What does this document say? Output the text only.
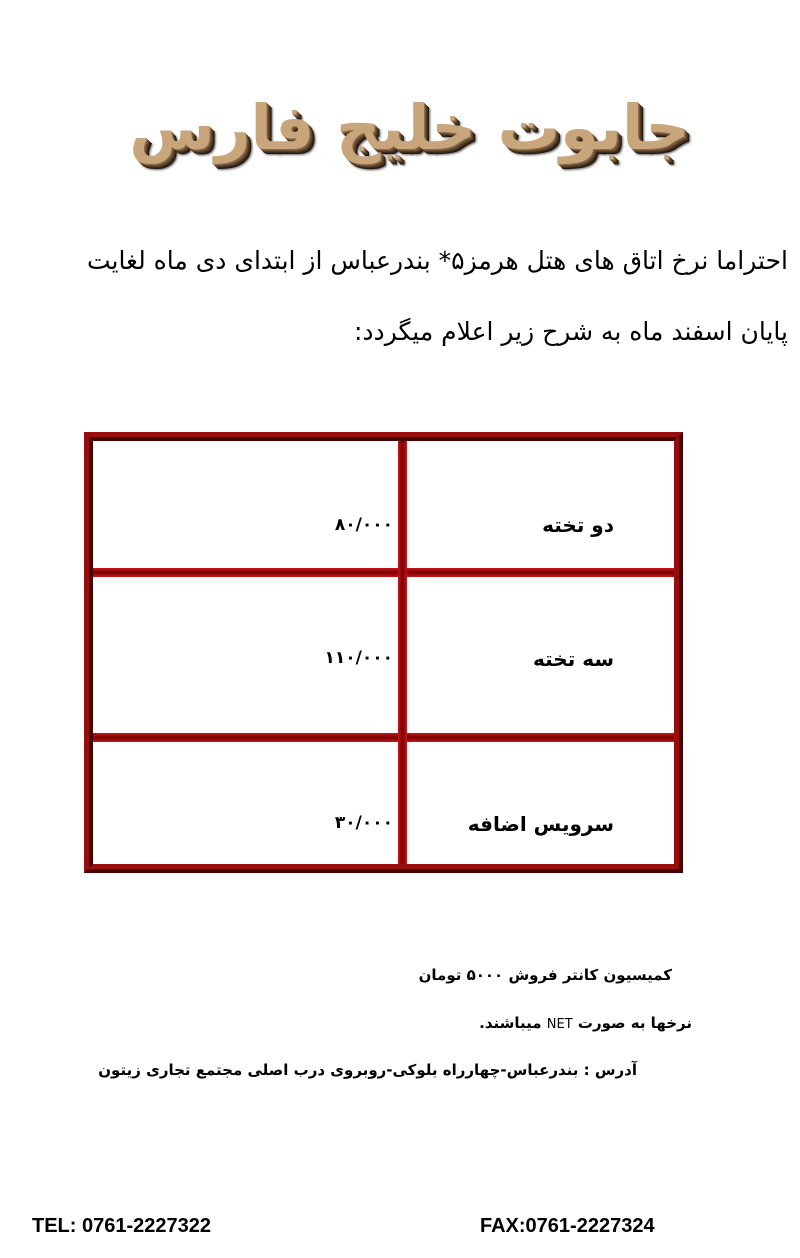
جابوت خلیج فارس
احتراما نرخ اتاق های هتل هرمز۵* بندرعباس از ابتدای دی ماه لغایت
پایان اسفند ماه به شرح زیر اعلام میگردد:
دو تخته
۸۰/۰۰۰
سه تخته
۱۱۰/۰۰۰
سرویس اضافه
۳۰/۰۰۰
کمیسیون کانتر فروش ۵۰۰۰ تومان
نرخها به صورت NET میباشند.
آدرس : بندرعباس-چهارراه بلوکی-روبروی درب اصلی مجتمع تجاری زیتون
TEL: 0761-2227322	FAX:0761-2227324
